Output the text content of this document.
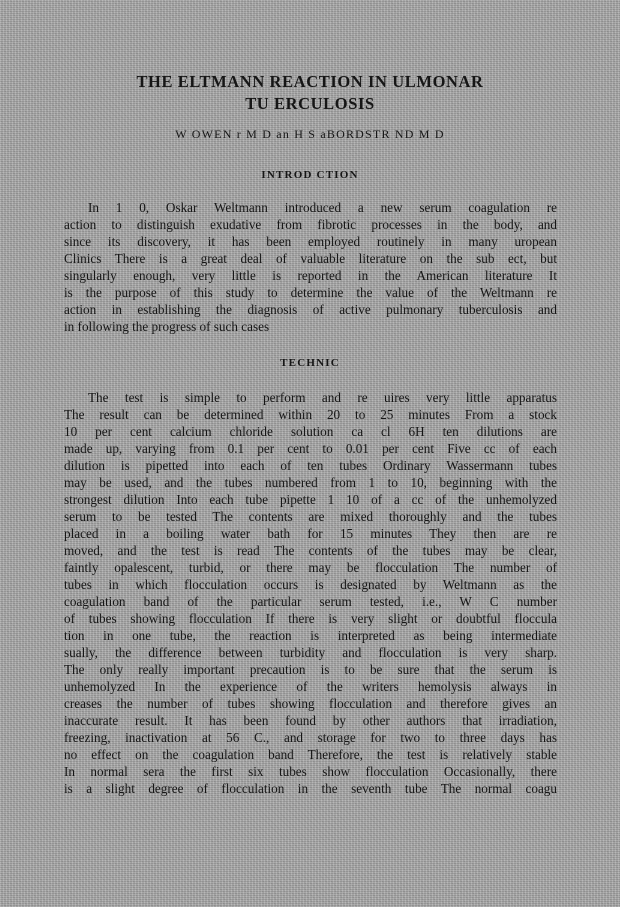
THE ELTMANN REACTION IN ULMONAR
TU ERCULOSIS

W OWEN r M D an H S aBORDSTR ND M D

INTROD CTION

In 1 0, Oskar Weltmann introduced a new serum coagulation re

action to distinguish exudative from fibrotic processes in the body, and

since its discovery, it has been employed routinely in many uropean

Clinics There is a great deal of valuable literature on the sub ect, but

singularly enough, very little is reported in the American literature It

is the purpose of this study to determine the value of the Weltmann re

action in establishing the diagnosis of active pulmonary tuberculosis and

in following the progress of such cases

TECHNIC

The test is simple to perform and re uires very little apparatus

The result can be determined within 20 to 25 minutes From a stock

10 per cent calcium chloride solution ca cl 6H ten dilutions are

made up, varying from 0.1 per cent to 0.01 per cent Five cc of each

dilution is pipetted into each of ten tubes Ordinary Wassermann tubes

may be used, and the tubes numbered from 1 to 10, beginning with the

strongest dilution Into each tube pipette 1 10 of a cc of the unhemolyzed

serum to be tested The contents are mixed thoroughly and the tubes

placed in a boiling water bath for 15 minutes They then are re

moved, and the test is read The contents of the tubes may be clear,

faintly opalescent, turbid, or there may be flocculation The number of

tubes in which flocculation occurs is designated by Weltmann as the

coagulation band of the particular serum tested, i.e., W C number

of tubes showing flocculation If there is very slight or doubtful floccula

tion in one tube, the reaction is interpreted as being intermediate

sually, the difference between turbidity and flocculation is very sharp.

The only really important precaution is to be sure that the serum is

unhemolyzed In the experience of the writers hemolysis always in

creases the number of tubes showing flocculation and therefore gives an

inaccurate result. It has been found by other authors that irradiation,

freezing, inactivation at 56 C., and storage for two to three days has

no effect on the coagulation band Therefore, the test is relatively stable

In normal sera the first six tubes show flocculation Occasionally, there

is a slight degree of flocculation in the seventh tube The normal coagu
